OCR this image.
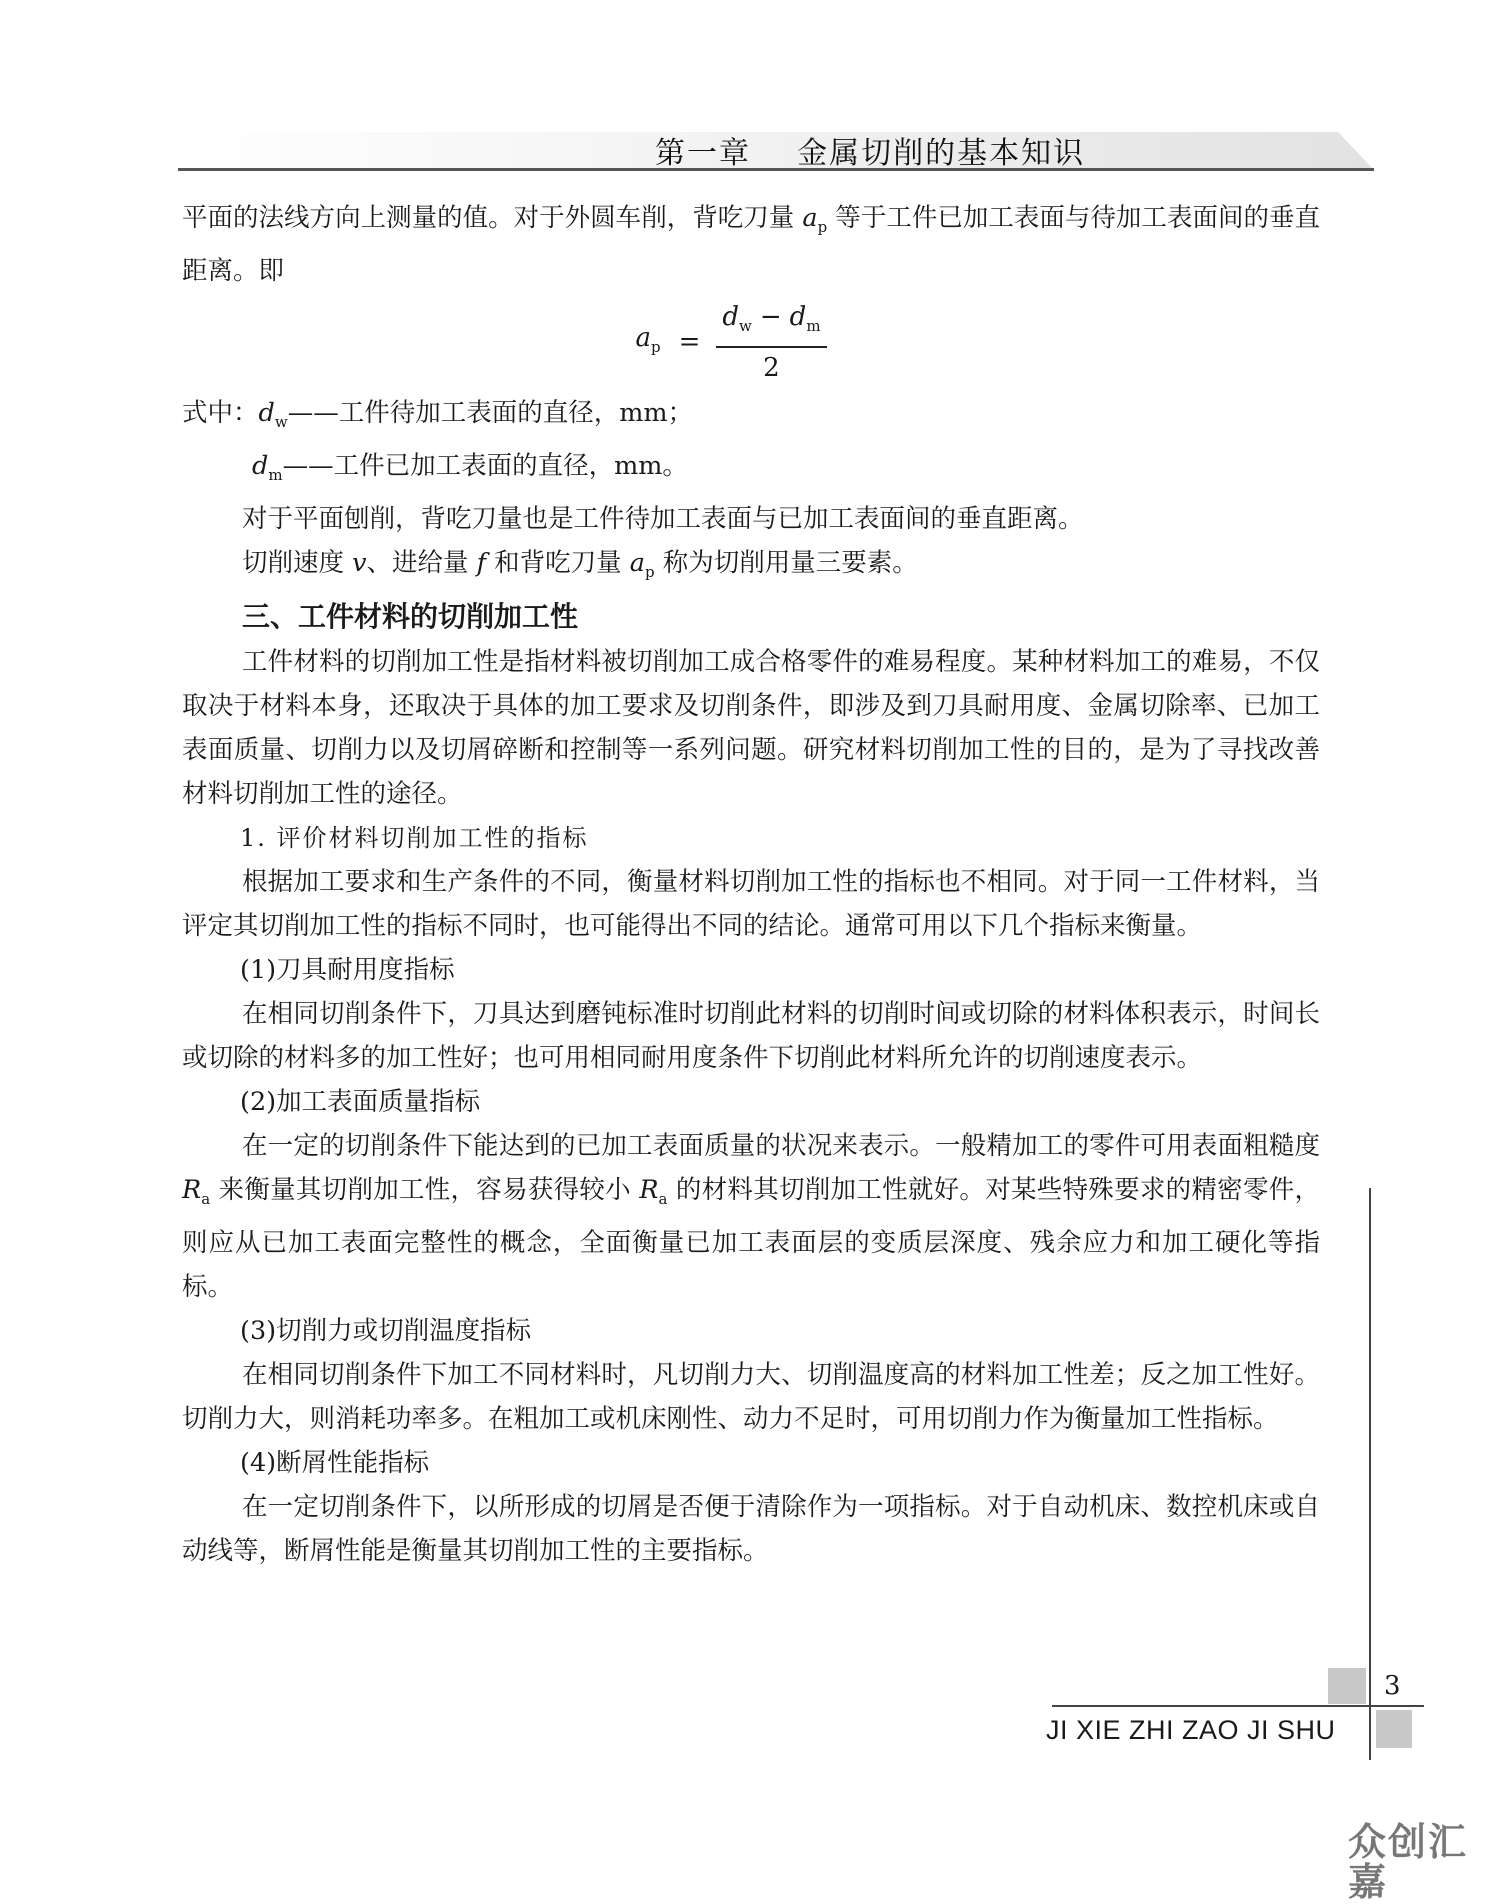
第一章    金属切削的基本知识

平面的法线方向上测量的值。对于外圆车削，背吃刀量 $a_p$ 等于工件已加工表面与待加工表面间的垂直距离。即

$a_p = \frac{d_w - d_m}{2}$

式中：$d_w——$工件待加工表面的直径，mm；

$d_m——$工件已加工表面的直径，mm。

对于平面刨削，背吃刀量也是工件待加工表面与已加工表面间的垂直距离。

切削速度 v、进给量 f 和背吃刀量 $a_p$ 称为切削用量三要素。

三、工件材料的切削加工性

工件材料的切削加工性是指材料被切削加工成合格零件的难易程度。某种材料加工的难易，不仅取决于材料本身，还取决于具体的加工要求及切削条件，即涉及到刀具耐用度、金属切除率、已加工表面质量、切削力以及切屑碎断和控制等一系列问题。研究材料切削加工性的目的，是为了寻找改善材料切削加工性的途径。

1. 评价材料切削加工性的指标

根据加工要求和生产条件的不同，衡量材料切削加工性的指标也不相同。对于同一工件材料，当评定其切削加工性的指标不同时，也可能得出不同的结论。通常可用以下几个指标来衡量。

(1)刀具耐用度指标

在相同切削条件下，刀具达到磨钝标准时切削此材料的切削时间或切除的材料体积表示，时间长或切除的材料多的加工性好；也可用相同耐用度条件下切削此材料所允许的切削速度表示。

(2)加工表面质量指标

在一定的切削条件下能达到的已加工表面质量的状况来表示。一般精加工的零件可用表面粗糙度 $R_a$ 来衡量其切削加工性，容易获得较小 $R_a$ 的材料其切削加工性就好。对某些特殊要求的精密零件，则应从已加工表面完整性的概念，全面衡量已加工表面层的变质层深度、残余应力和加工硬化等指标。

(3)切削力或切削温度指标

在相同切削条件下加工不同材料时，凡切削力大、切削温度高的材料加工性差；反之加工性好。切削力大，则消耗功率多。在粗加工或机床刚性、动力不足时，可用切削力作为衡量加工性指标。

(4)断屑性能指标

在一定切削条件下，以所形成的切屑是否便于清除作为一项指标。对于自动机床、数控机床或自动线等，断屑性能是衡量其切削加工性的主要指标。

3
JI XIE ZHI ZAO JI SHU
众创汇嘉
